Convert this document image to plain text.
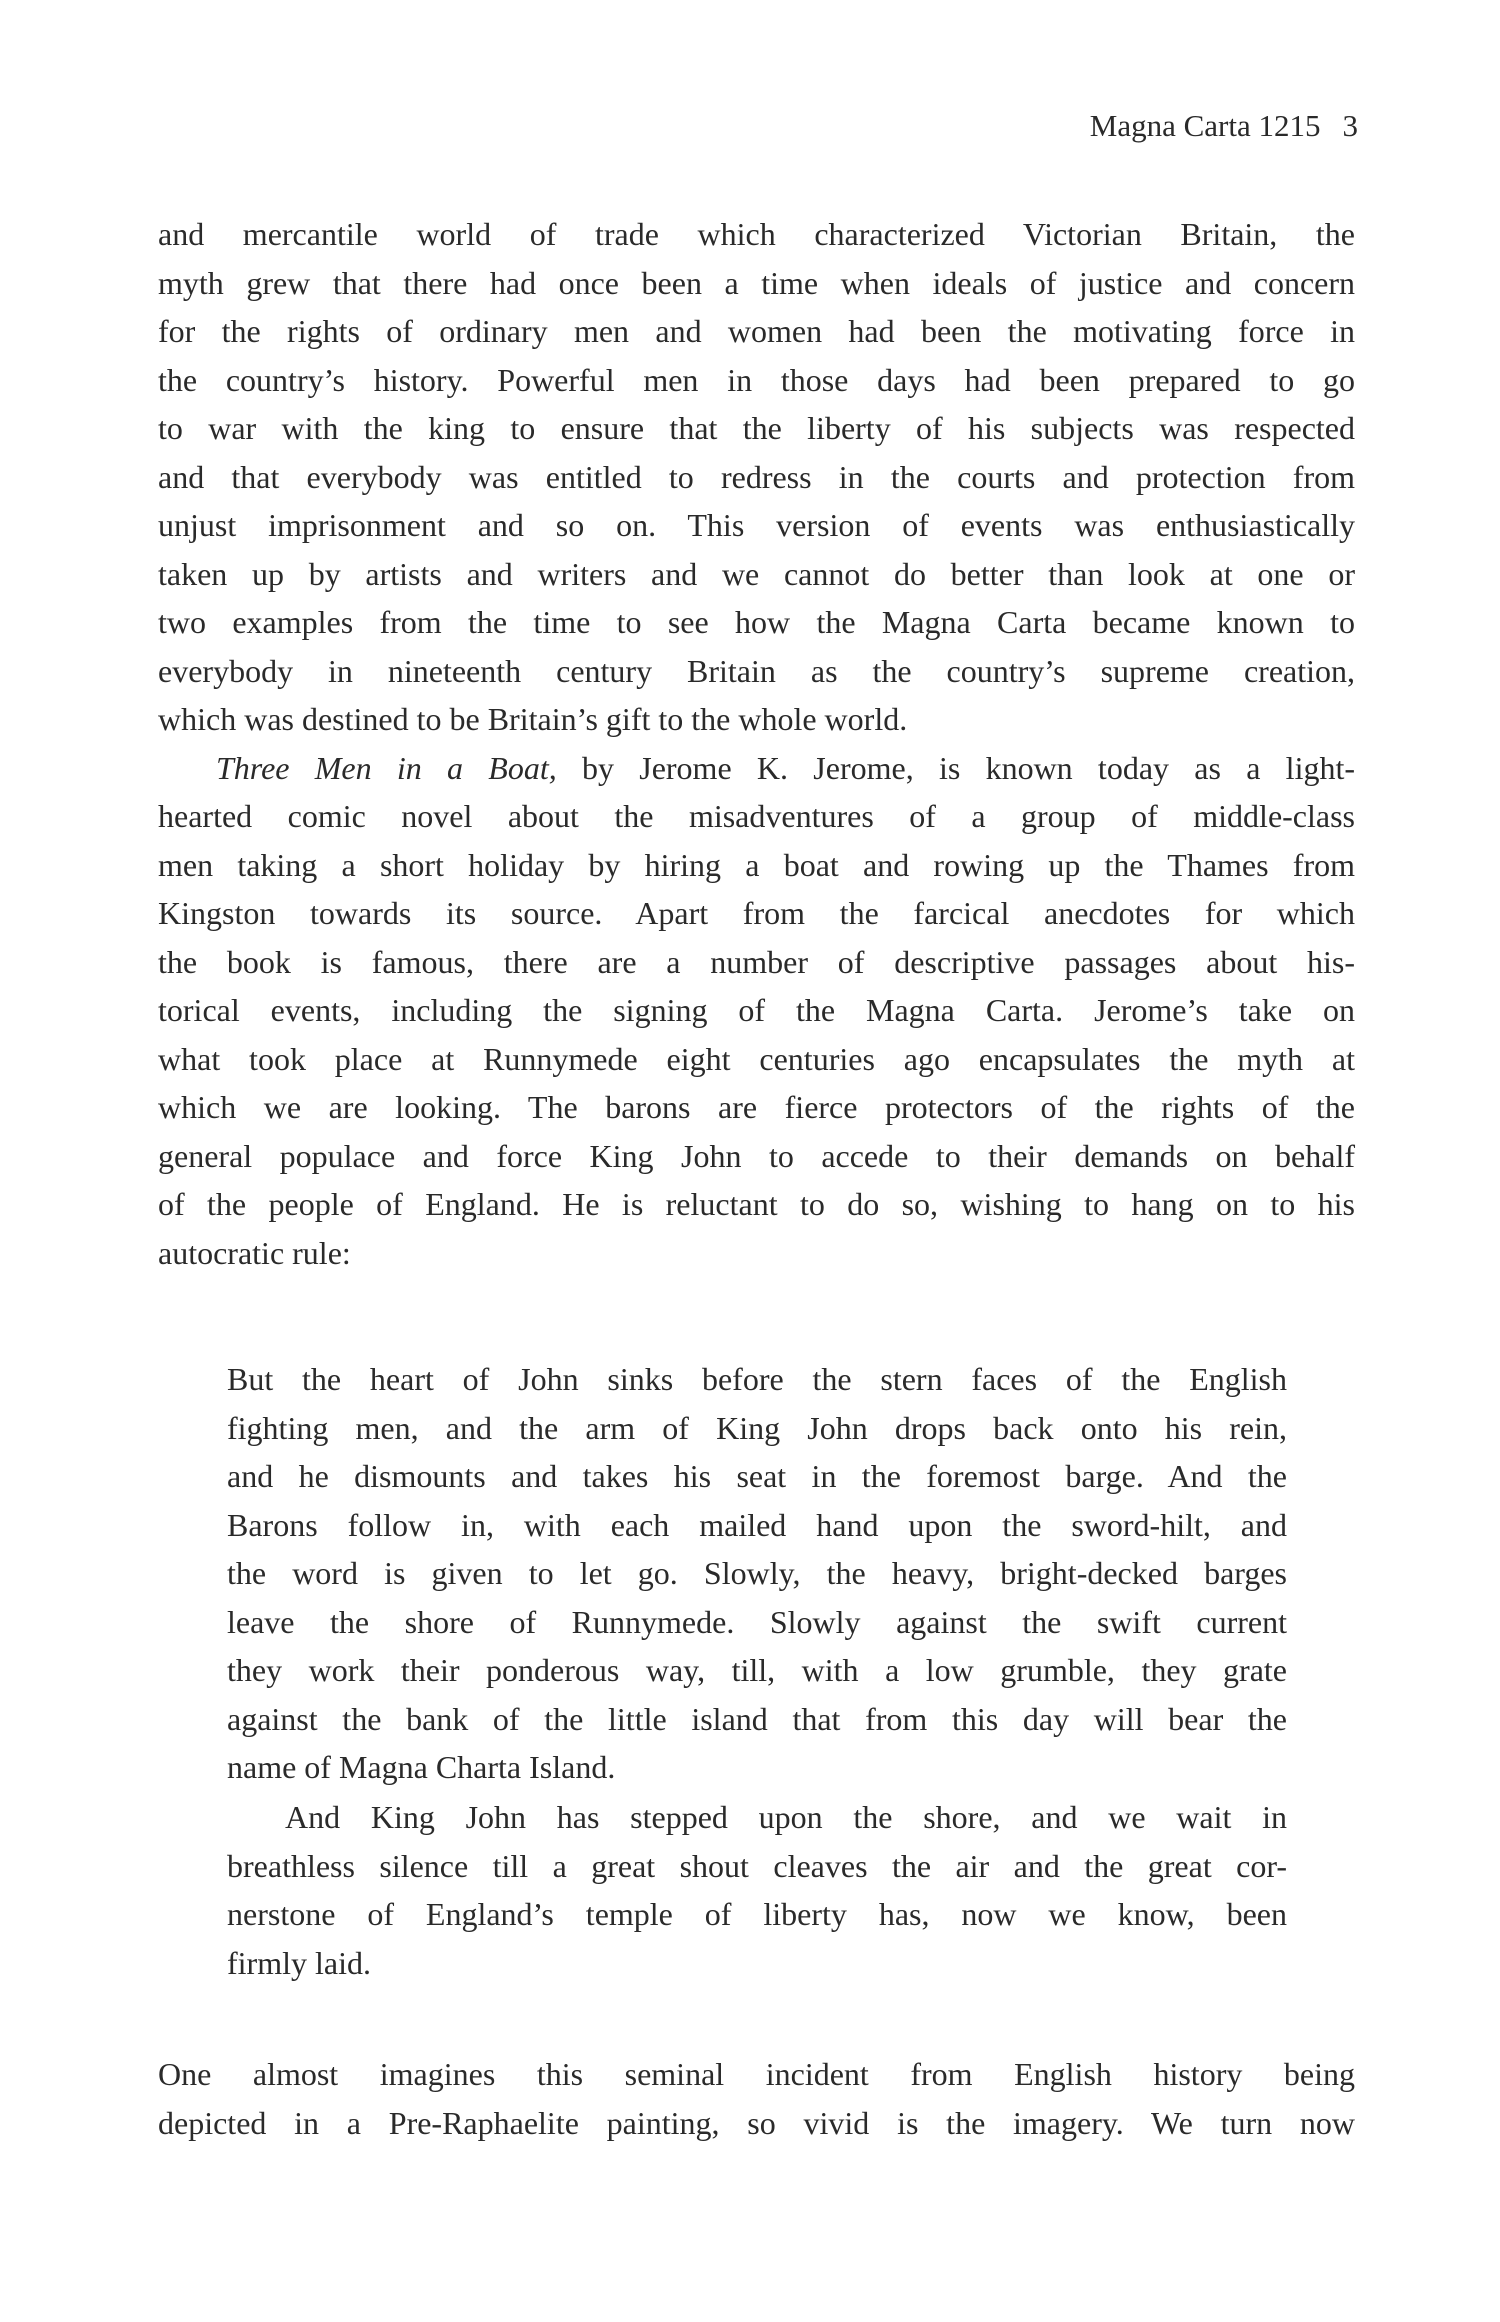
Magna Carta 1215 3
and mercantile world of trade which characterized Victorian Britain, the
myth grew that there had once been a time when ideals of justice and concern
for the rights of ordinary men and women had been the motivating force in
the country’s history. Powerful men in those days had been prepared to go
to war with the king to ensure that the liberty of his subjects was respected
and that everybody was entitled to redress in the courts and protection from
unjust imprisonment and so on. This version of events was enthusiastically
taken up by artists and writers and we cannot do better than look at one or
two examples from the time to see how the Magna Carta became known to
everybody in nineteenth century Britain as the country’s supreme creation,
which was destined to be Britain’s gift to the whole world.
Three Men in a Boat, by Jerome K. Jerome, is known today as a light-
hearted comic novel about the misadventures of a group of middle-class
men taking a short holiday by hiring a boat and rowing up the Thames from
Kingston towards its source. Apart from the farcical anecdotes for which
the book is famous, there are a number of descriptive passages about his-
torical events, including the signing of the Magna Carta. Jerome’s take on
what took place at Runnymede eight centuries ago encapsulates the myth at
which we are looking. The barons are fierce protectors of the rights of the
general populace and force King John to accede to their demands on behalf
of the people of England. He is reluctant to do so, wishing to hang on to his
autocratic rule:
But the heart of John sinks before the stern faces of the English
fighting men, and the arm of King John drops back onto his rein,
and he dismounts and takes his seat in the foremost barge. And the
Barons follow in, with each mailed hand upon the sword-hilt, and
the word is given to let go. Slowly, the heavy, bright-decked barges
leave the shore of Runnymede. Slowly against the swift current
they work their ponderous way, till, with a low grumble, they grate
against the bank of the little island that from this day will bear the
name of Magna Charta Island.
And King John has stepped upon the shore, and we wait in
breathless silence till a great shout cleaves the air and the great cor-
nerstone of England’s temple of liberty has, now we know, been
firmly laid.
One almost imagines this seminal incident from English history being
depicted in a Pre-Raphaelite painting, so vivid is the imagery. We turn now
